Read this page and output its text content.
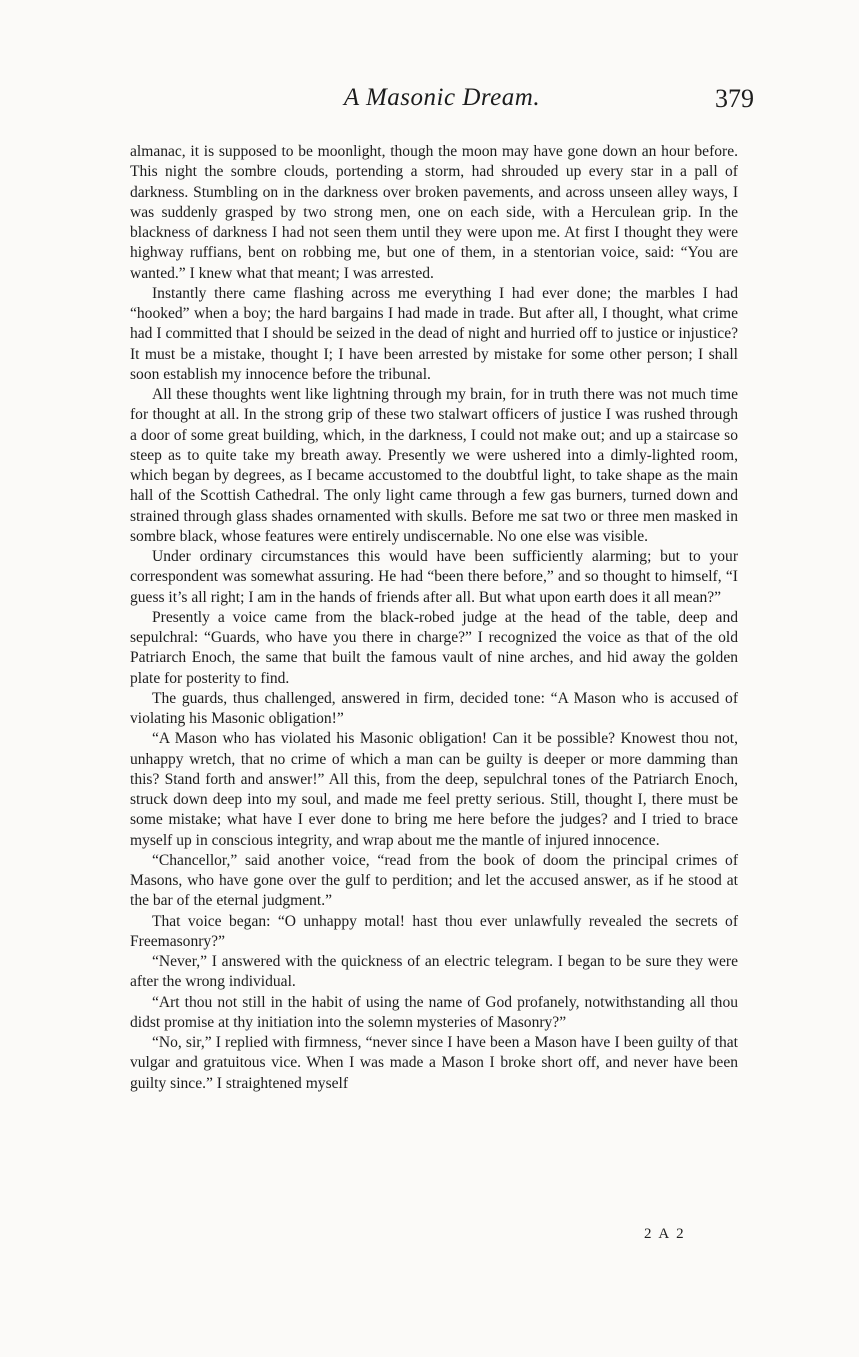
A Masonic Dream.	379

almanac, it is supposed to be moonlight, though the moon may have gone down an hour before. This night the sombre clouds, portending a storm, had shrouded up every star in a pall of darkness. Stumbling on in the darkness over broken pavements, and across unseen alley ways, I was suddenly grasped by two strong men, one on each side, with a Herculean grip. In the blackness of darkness I had not seen them until they were upon me. At first I thought they were highway ruffians, bent on robbing me, but one of them, in a stentorian voice, said: “You are wanted.” I knew what that meant; I was arrested.

Instantly there came flashing across me everything I had ever done; the marbles I had “hooked” when a boy; the hard bargains I had made in trade. But after all, I thought, what crime had I committed that I should be seized in the dead of night and hurried off to justice or injustice? It must be a mistake, thought I; I have been arrested by mistake for some other person; I shall soon establish my innocence before the tribunal.

All these thoughts went like lightning through my brain, for in truth there was not much time for thought at all. In the strong grip of these two stalwart officers of justice I was rushed through a door of some great building, which, in the darkness, I could not make out; and up a staircase so steep as to quite take my breath away. Presently we were ushered into a dimly-lighted room, which began by degrees, as I became accustomed to the doubtful light, to take shape as the main hall of the Scottish Cathedral. The only light came through a few gas burners, turned down and strained through glass shades ornamented with skulls. Before me sat two or three men masked in sombre black, whose features were entirely undiscernable. No one else was visible.

Under ordinary circumstances this would have been sufficiently alarming; but to your correspondent was somewhat assuring. He had “been there before,” and so thought to himself, “I guess it’s all right; I am in the hands of friends after all. But what upon earth does it all mean?”

Presently a voice came from the black-robed judge at the head of the table, deep and sepulchral: “Guards, who have you there in charge?” I recognized the voice as that of the old Patriarch Enoch, the same that built the famous vault of nine arches, and hid away the golden plate for posterity to find.

The guards, thus challenged, answered in firm, decided tone: “A Mason who is accused of violating his Masonic obligation!”

“A Mason who has violated his Masonic obligation! Can it be possible? Knowest thou not, unhappy wretch, that no crime of which a man can be guilty is deeper or more damming than this? Stand forth and answer!” All this, from the deep, sepulchral tones of the Patriarch Enoch, struck down deep into my soul, and made me feel pretty serious. Still, thought I, there must be some mistake; what have I ever done to bring me here before the judges? and I tried to brace myself up in conscious integrity, and wrap about me the mantle of injured innocence.

“Chancellor,” said another voice, “read from the book of doom the principal crimes of Masons, who have gone over the gulf to perdition; and let the accused answer, as if he stood at the bar of the eternal judgment.”

That voice began: “O unhappy motal! hast thou ever unlawfully revealed the secrets of Freemasonry?”

“Never,” I answered with the quickness of an electric telegram. I began to be sure they were after the wrong individual.

“Art thou not still in the habit of using the name of God profanely, notwithstanding all thou didst promise at thy initiation into the solemn mysteries of Masonry?”

“No, sir,” I replied with firmness, “never since I have been a Mason have I been guilty of that vulgar and gratuitous vice. When I was made a Mason I broke short off, and never have been guilty since.” I straightened myself

2 A 2
